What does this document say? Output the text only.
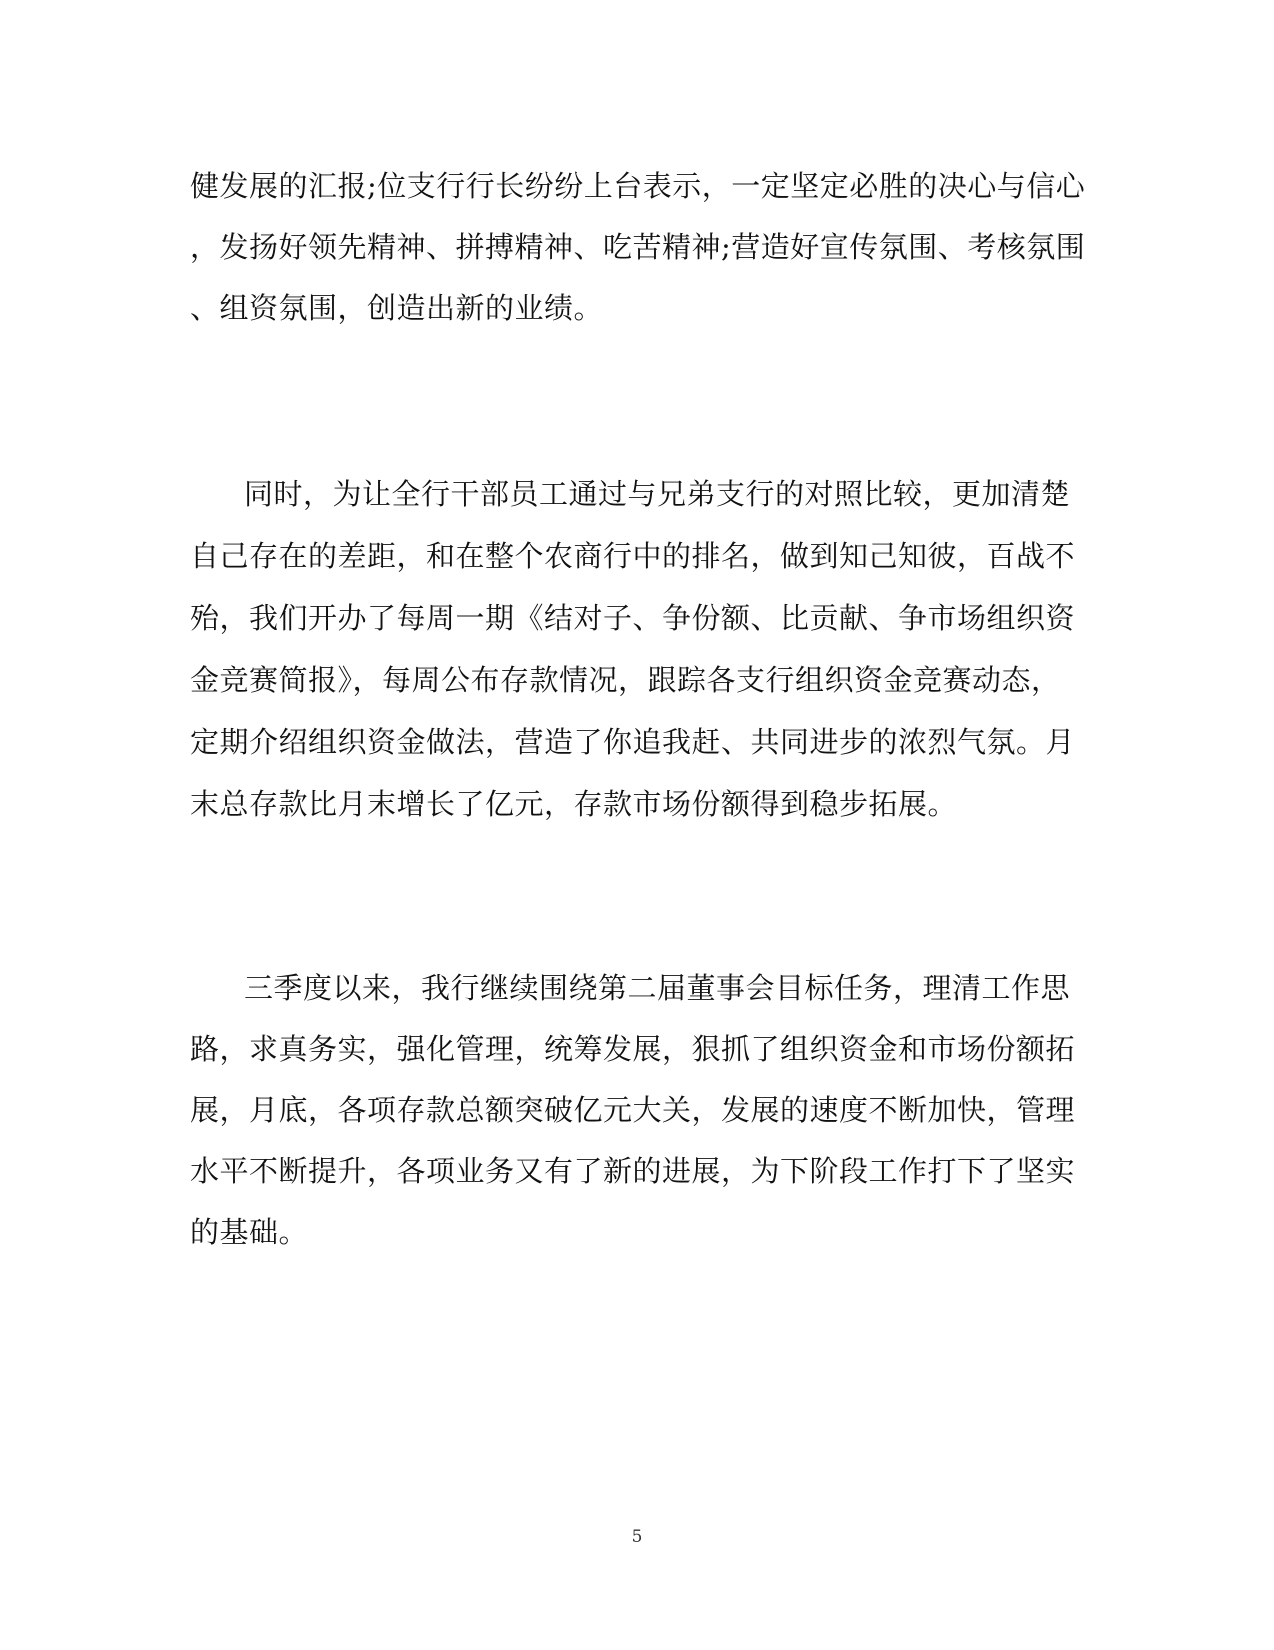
健发展的汇报;位支行行长纷纷上台表示，一定坚定必胜的决心与信心
，发扬好领先精神、拼搏精神、吃苦精神;营造好宣传氛围、考核氛围
、组资氛围，创造出新的业绩。
同时，为让全行干部员工通过与兄弟支行的对照比较，更加清楚
自己存在的差距，和在整个农商行中的排名，做到知己知彼，百战不
殆，我们开办了每周一期《结对子、争份额、比贡献、争市场组织资
金竞赛简报》，每周公布存款情况，跟踪各支行组织资金竞赛动态，
定期介绍组织资金做法，营造了你追我赶、共同进步的浓烈气氛。月
末总存款比月末增长了亿元，存款市场份额得到稳步拓展。
三季度以来，我行继续围绕第二届董事会目标任务，理清工作思
路，求真务实，强化管理，统筹发展，狠抓了组织资金和市场份额拓
展，月底，各项存款总额突破亿元大关，发展的速度不断加快，管理
水平不断提升，各项业务又有了新的进展，为下阶段工作打下了坚实
的基础。
5
